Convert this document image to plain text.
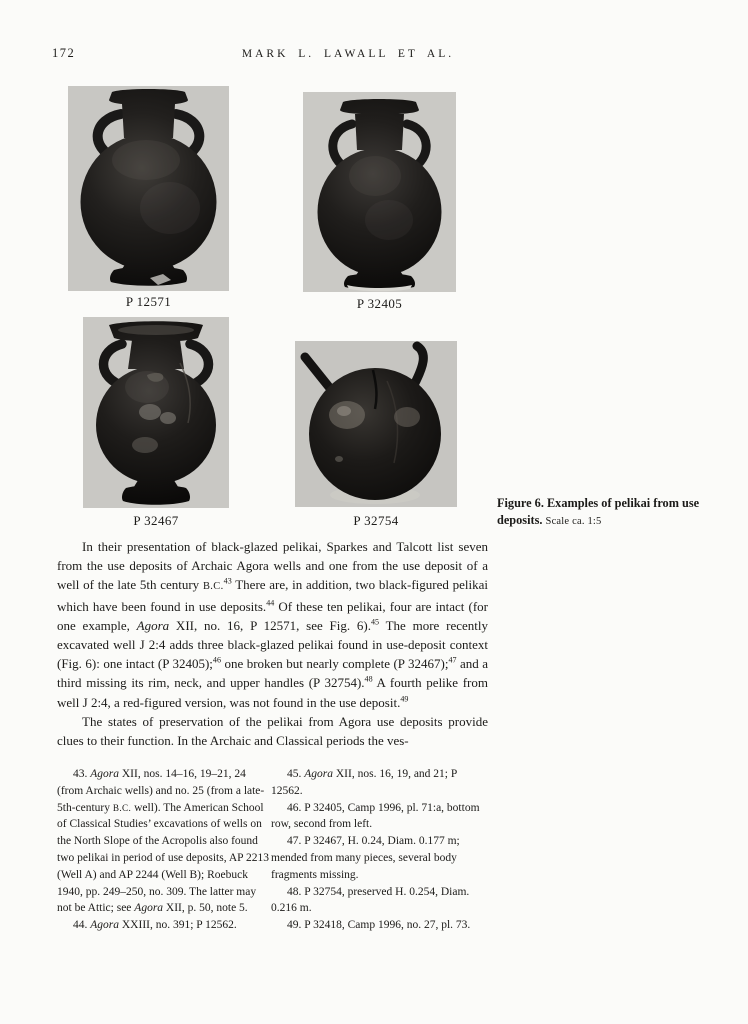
172	MARK L. LAWALL ET AL.
P 12571	P 32405
P 32467	P 32754
Figure 6. Examples of pelikai from use deposits. Scale ca. 1:5

In their presentation of black-glazed pelikai, Sparkes and Talcott list seven from the use deposits of Archaic Agora wells and one from the use deposit of a well of the late 5th century B.C.$^{43}$ There are, in addition, two black-figured pelikai which have been found in use deposits.$^{44}$ Of these ten pelikai, four are intact (for one example, Agora XII, no. 16, P 12571, see Fig. 6).$^{45}$ The more recently excavated well J 2:4 adds three black-glazed pelikai found in use-deposit context (Fig. 6): one intact (P 32405);$^{46}$ one broken but nearly complete (P 32467);$^{47}$ and a third missing its rim, neck, and upper handles (P 32754).$^{48}$ A fourth pelike from well J 2:4, a red-figured version, was not found in the use deposit.$^{49}$

The states of preservation of the pelikai from Agora use deposits provide clues to their function. In the Archaic and Classical periods the ves-

43. Agora XII, nos. 14–16, 19–21, 24 (from Archaic wells) and no. 25 (from a late-5th-century B.C. well). The American School of Classical Studies’ excavations of wells on the North Slope of the Acropolis also found two pelikai in period of use deposits, AP 2213 (Well A) and AP 2244 (Well B); Roebuck 1940, pp. 249–250, no. 309. The latter may not be Attic; see Agora XII, p. 50, note 5.

44. Agora XXIII, no. 391; P 12562.

45. Agora XII, nos. 16, 19, and 21; P 12562.

46. P 32405, Camp 1996, pl. 71:a, bottom row, second from left.

47. P 32467, H. 0.24, Diam. 0.177 m; mended from many pieces, several body fragments missing.

48. P 32754, preserved H. 0.254, Diam. 0.216 m.

49. P 32418, Camp 1996, no. 27, pl. 73.
